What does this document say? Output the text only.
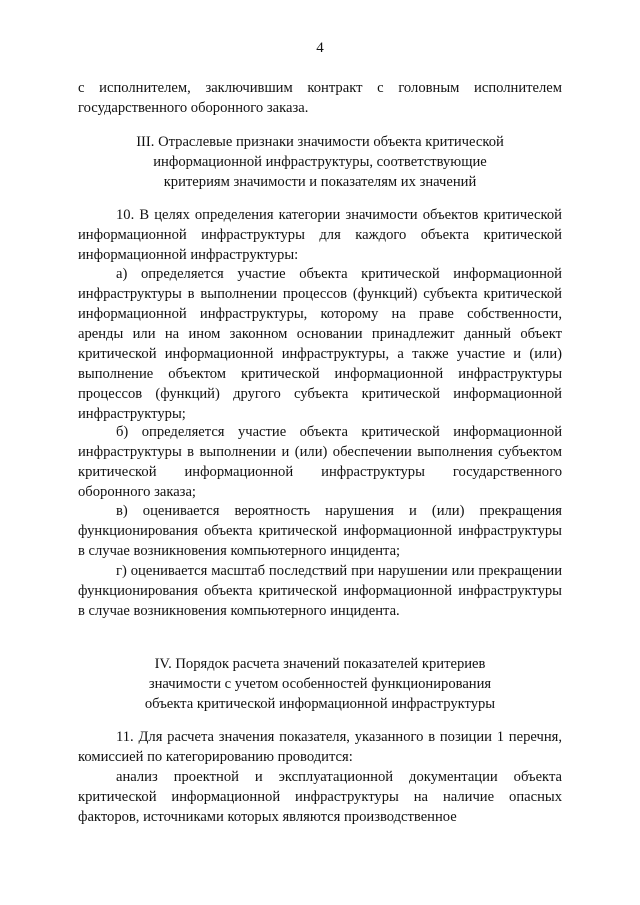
4

с исполнителем, заключившим контракт с головным исполнителем государственного оборонного заказа.

III. Отраслевые признаки значимости объекта критической
информационной инфраструктуры, соответствующие
критериям значимости и показателям их значений

10. В целях определения категории значимости объектов критической информационной инфраструктуры для каждого объекта критической информационной инфраструктуры:

а) определяется участие объекта критической информационной инфраструктуры в выполнении процессов (функций) субъекта критической информационной инфраструктуры, которому на праве собственности, аренды или на ином законном основании принадлежит данный объект критической информационной инфраструктуры, а также участие и (или) выполнение объектом критической информационной инфраструктуры процессов (функций) другого субъекта критической информационной инфраструктуры;

б) определяется участие объекта критической информационной инфраструктуры в выполнении и (или) обеспечении выполнения субъектом критической информационной инфраструктуры государственного оборонного заказа;

в) оценивается вероятность нарушения и (или) прекращения функционирования объекта критической информационной инфраструктуры в случае возникновения компьютерного инцидента;

г) оценивается масштаб последствий при нарушении или прекращении функционирования объекта критической информационной инфраструктуры в случае возникновения компьютерного инцидента.

IV. Порядок расчета значений показателей критериев
значимости с учетом особенностей функционирования
объекта критической информационной инфраструктуры

11. Для расчета значения показателя, указанного в позиции 1 перечня, комиссией по категорированию проводится:

анализ проектной и эксплуатационной документации объекта критической информационной инфраструктуры на наличие опасных факторов, источниками которых являются производственное
